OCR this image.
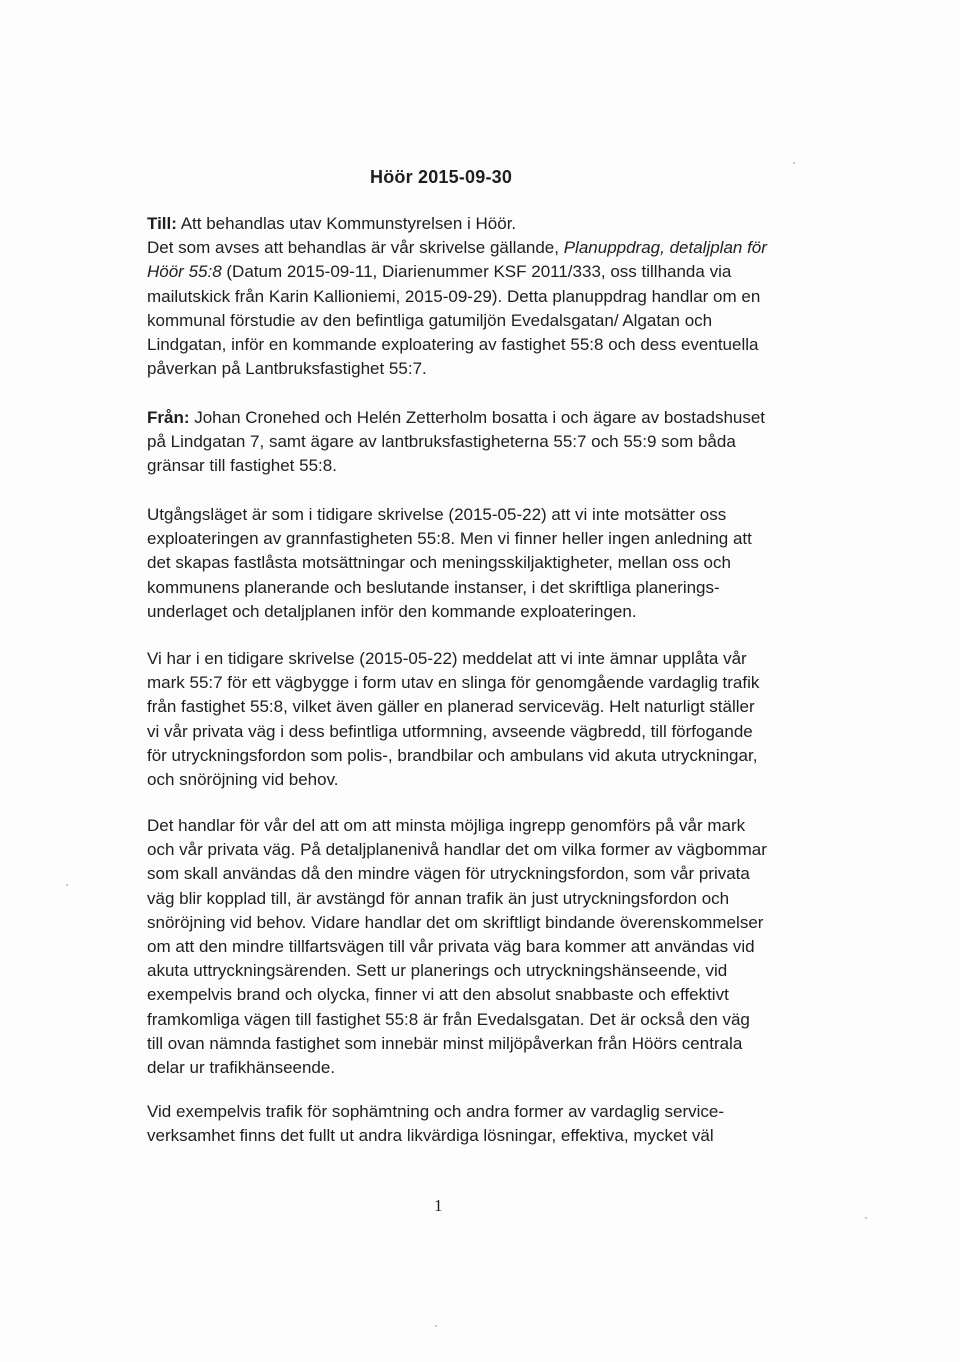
Höör 2015-09-30
Till: Att behandlas utav Kommunstyrelsen i Höör.
Det som avses att behandlas är vår skrivelse gällande, Planuppdrag, detaljplan för
Höör 55:8 (Datum 2015-09-11, Diarienummer KSF 2011/333, oss tillhanda via
mailutskick från Karin Kallioniemi, 2015-09-29). Detta planuppdrag handlar om en
kommunal förstudie av den befintliga gatumiljön Evedalsgatan/ Algatan och
Lindgatan, inför en kommande exploatering av fastighet 55:8 och dess eventuella
påverkan på Lantbruksfastighet 55:7.
Från: Johan Cronehed och Helén Zetterholm bosatta i och ägare av bostadshuset
på Lindgatan 7, samt ägare av lantbruksfastigheterna 55:7 och 55:9 som båda
gränsar till fastighet 55:8.
Utgångsläget är som i tidigare skrivelse (2015-05-22) att vi inte motsätter oss
exploateringen av grannfastigheten 55:8. Men vi finner heller ingen anledning att
det skapas fastlåsta motsättningar och meningsskiljaktigheter, mellan oss och
kommunens planerande och beslutande instanser, i det skriftliga planerings-
underlaget och detaljplanen inför den kommande exploateringen.
Vi har i en tidigare skrivelse (2015-05-22) meddelat att vi inte ämnar upplåta vår
mark 55:7 för ett vägbygge i form utav en slinga för genomgående vardaglig trafik
från fastighet 55:8, vilket även gäller en planerad serviceväg. Helt naturligt ställer
vi vår privata väg i dess befintliga utformning, avseende vägbredd, till förfogande
för utryckningsfordon som polis-, brandbilar och ambulans vid akuta utryckningar,
och snöröjning vid behov.
Det handlar för vår del att om att minsta möjliga ingrepp genomförs på vår mark
och vår privata väg. På detaljplanenivå handlar det om vilka former av vägbommar
som skall användas då den mindre vägen för utryckningsfordon, som vår privata
väg blir kopplad till, är avstängd för annan trafik än just utryckningsfordon och
snöröjning vid behov. Vidare handlar det om skriftligt bindande överenskommelser
om att den mindre tillfartsvägen till vår privata väg bara kommer att användas vid
akuta uttryckningsärenden. Sett ur planerings och utryckningshänseende, vid
exempelvis brand och olycka, finner vi att den absolut snabbaste och effektivt
framkomliga vägen till fastighet 55:8 är från Evedalsgatan. Det är också den väg
till ovan nämnda fastighet som innebär minst miljöpåverkan från Höörs centrala
delar ur trafikhänseende.
Vid exempelvis trafik för sophämtning och andra former av vardaglig service-
verksamhet finns det fullt ut andra likvärdiga lösningar, effektiva, mycket väl
1
